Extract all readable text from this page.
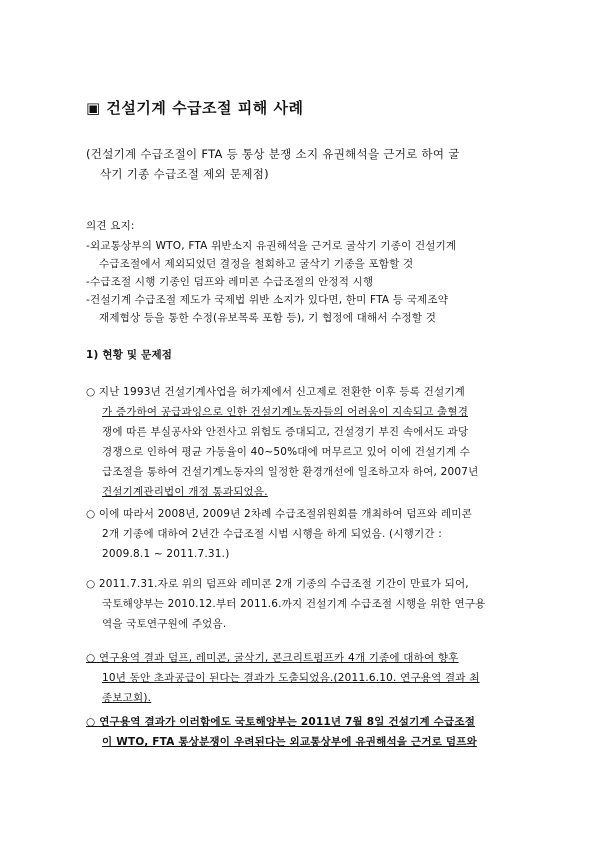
▣ 건설기계 수급조절 피해 사례
(건설기계 수급조절이 FTA 등 통상 분쟁 소지 유권해석을 근거로 하여 굴
삭기 기종 수급조절 제외 문제점)
의견 요지:
-외교통상부의 WTO, FTA 위반소지 유권해석을 근거로 굴삭기 기종이 건설기계
수급조절에서 제외되었던 결정을 철회하고 굴삭기 기종을 포함할 것
-수급조절 시행 기종인 덤프와 레미콘 수급조절의 안정적 시행
-건설기계 수급조절 제도가 국제법 위반 소지가 있다면, 한미 FTA 등 국제조약
재제협상 등을 통한 수정(유보목록 포함 등), 기 협정에 대해서 수정할 것
1) 현황 및 문제점
○ 지난 1993년 건설기계사업을 허가제에서 신고제로 전환한 이후 등록 건설기계
가 증가하여 공급과잉으로 인한 건설기계노동자들의 어려움이 지속되고 출혈경
쟁에 따른 부실공사와 안전사고 위험도 증대되고, 건설경기 부진 속에서도 과당
경쟁으로 인하여 평균 가동율이 40~50%대에 머무르고 있어 이에 건설기계 수
급조절을 통하여 건설기계노동자의 일정한 환경개선에 일조하고자 하여, 2007년
건설기계관리법이 개정 통과되었음.
○ 이에 따라서 2008년, 2009년 2차례 수급조절위원회를 개최하여 덤프와 레미콘
2개 기종에 대하여 2년간 수급조절 시범 시행을 하게 되었음. (시행기간 :
2009.8.1 ~ 2011.7.31.)
○ 2011.7.31.자로 위의 덤프와 레미콘 2개 기종의 수급조절 기간이 만료가 되어,
국토해양부는 2010.12.부터 2011.6.까지 건설기계 수급조절 시행을 위한 연구용
역을 국토연구원에 주었음.
○ 연구용역 결과 덤프, 레미콘, 굴삭기, 콘크리트펌프카 4개 기종에 대하여 향후
10년 동안 초과공급이 된다는 결과가 도출되었음.(2011.6.10. 연구용역 결과 최
종보고회).
○ 연구용역 결과가 이러함에도 국토해양부는 2011년 7월 8일 건설기계 수급조절
이 WTO, FTA 통상분쟁이 우려된다는 외교통상부에 유권해석을 근거로 덤프와
